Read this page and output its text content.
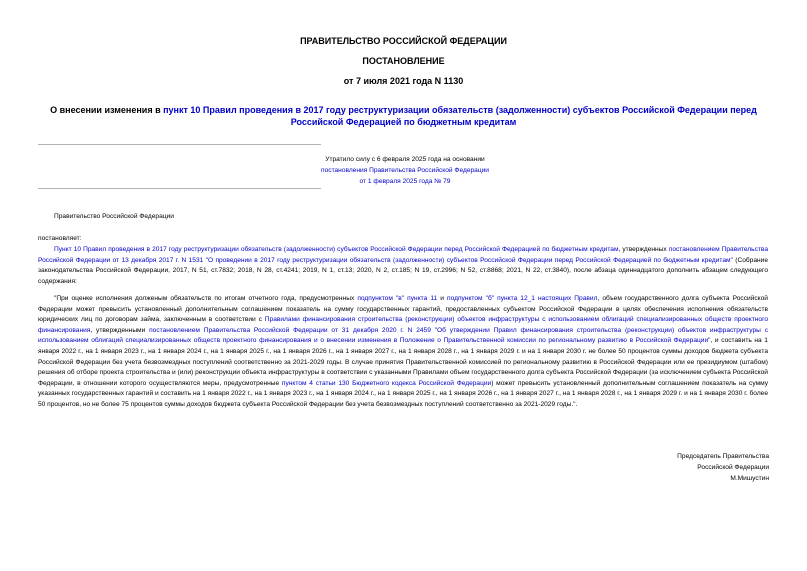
ПРАВИТЕЛЬСТВО РОССИЙСКОЙ ФЕДЕРАЦИИ
ПОСТАНОВЛЕНИЕ
от 7 июля 2021 года N 1130
О внесении изменения в пункт 10 Правил проведения в 2017 году реструктуризации обязательств (задолженности) субъектов Российской Федерации перед Российской Федерацией по бюджетным кредитам
Утратило силу с 6 февраля 2025 года на основании
постановления Правительства Российской Федерации
от 1 февраля 2025 года № 79
Правительство Российской Федерации
постановляет:
Пункт 10 Правил проведения в 2017 году реструктуризации обязательств (задолженности) субъектов Российской Федерации перед Российской Федерацией по бюджетным кредитам, утвержденных постановлением Правительства Российской Федерации от 13 декабря 2017 г. N 1531 "О проведении в 2017 году реструктуризации обязательств (задолженности) субъектов Российской Федерации перед Российской Федерацией по бюджетным кредитам" (Собрание законодательства Российской Федерации, 2017, N 51, ст.7832; 2018, N 28, ст.4241; 2019, N 1, ст.13; 2020, N 2, ст.185; N 19, ст.2996; N 52, ст.8868; 2021, N 22, ст.3840), после абзаца одиннадцатого дополнить абзацем следующего содержания:
"При оценке исполнения долженым обязательств по итогам отчетного года, предусмотренных подпунктом "в" пункта 11 и подпунктом "б" пункта 12_1 настоящих Правил, объем государственного долга субъекта Российской Федерации может превысить установленный дополнительным соглашением показатель на сумму государственных гарантий, предоставленных субъектом Российской Федерации в целях обеспечения исполнения обязательств юридических лиц по договорам займа, заключенным в соответствии с Правилами финансирования строительства (реконструкции) объектов инфраструктуры с использованием облигаций специализированных обществ проектного финансирования, утвержденными постановлением Правительства Российской Федерации от 31 декабря 2020 г. N 2459 "Об утверждении Правил финансирования строительства (реконструкции) объектов инфраструктуры с использованием облигаций специализированных обществ проектного финансирования и о внесении изменения в Положение о Правительственной комиссии по региональному развитию в Российской Федерации", и составить на 1 января 2022 г., на 1 января 2023 г., на 1 января 2024 г., на 1 января 2025 г., на 1 января 2026 г., на 1 января 2027 г., на 1 января 2028 г., на 1 января 2029 г. и на 1 января 2030 г. не более 50 процентов суммы доходов бюджета субъекта Российской Федерации без учета безвозмездных поступлений соответственно за 2021-2029 годы. В случае принятия Правительственной комиссией по региональному развитию в Российской Федерации или ее президиумом (штабом) решения об отборе проекта строительства и (или) реконструкции объекта инфраструктуры в соответствии с указанными Правилами объем государственного долга субъекта Российской Федерации (за исключением субъекта Российской Федерации, в отношении которого осуществляются меры, предусмотренные пунктом 4 статьи 130 Бюджетного кодекса Российской Федерации) может превысить установленный дополнительным соглашением показатель на сумму указанных государственных гарантий и составить на 1 января 2022 г., на 1 января 2023 г., на 1 января 2024 г., на 1 января 2025 г., на 1 января 2026 г., на 1 января 2027 г., на 1 января 2028 г., на 1 января 2029 г. и на 1 января 2030 г. более 50 процентов, но не более 75 процентов суммы доходов бюджета субъекта Российской Федерации без учета безвозмездных поступлений соответственно за 2021-2029 годы.".
Председатель Правительства
Российской Федерации
М.Мишустин
